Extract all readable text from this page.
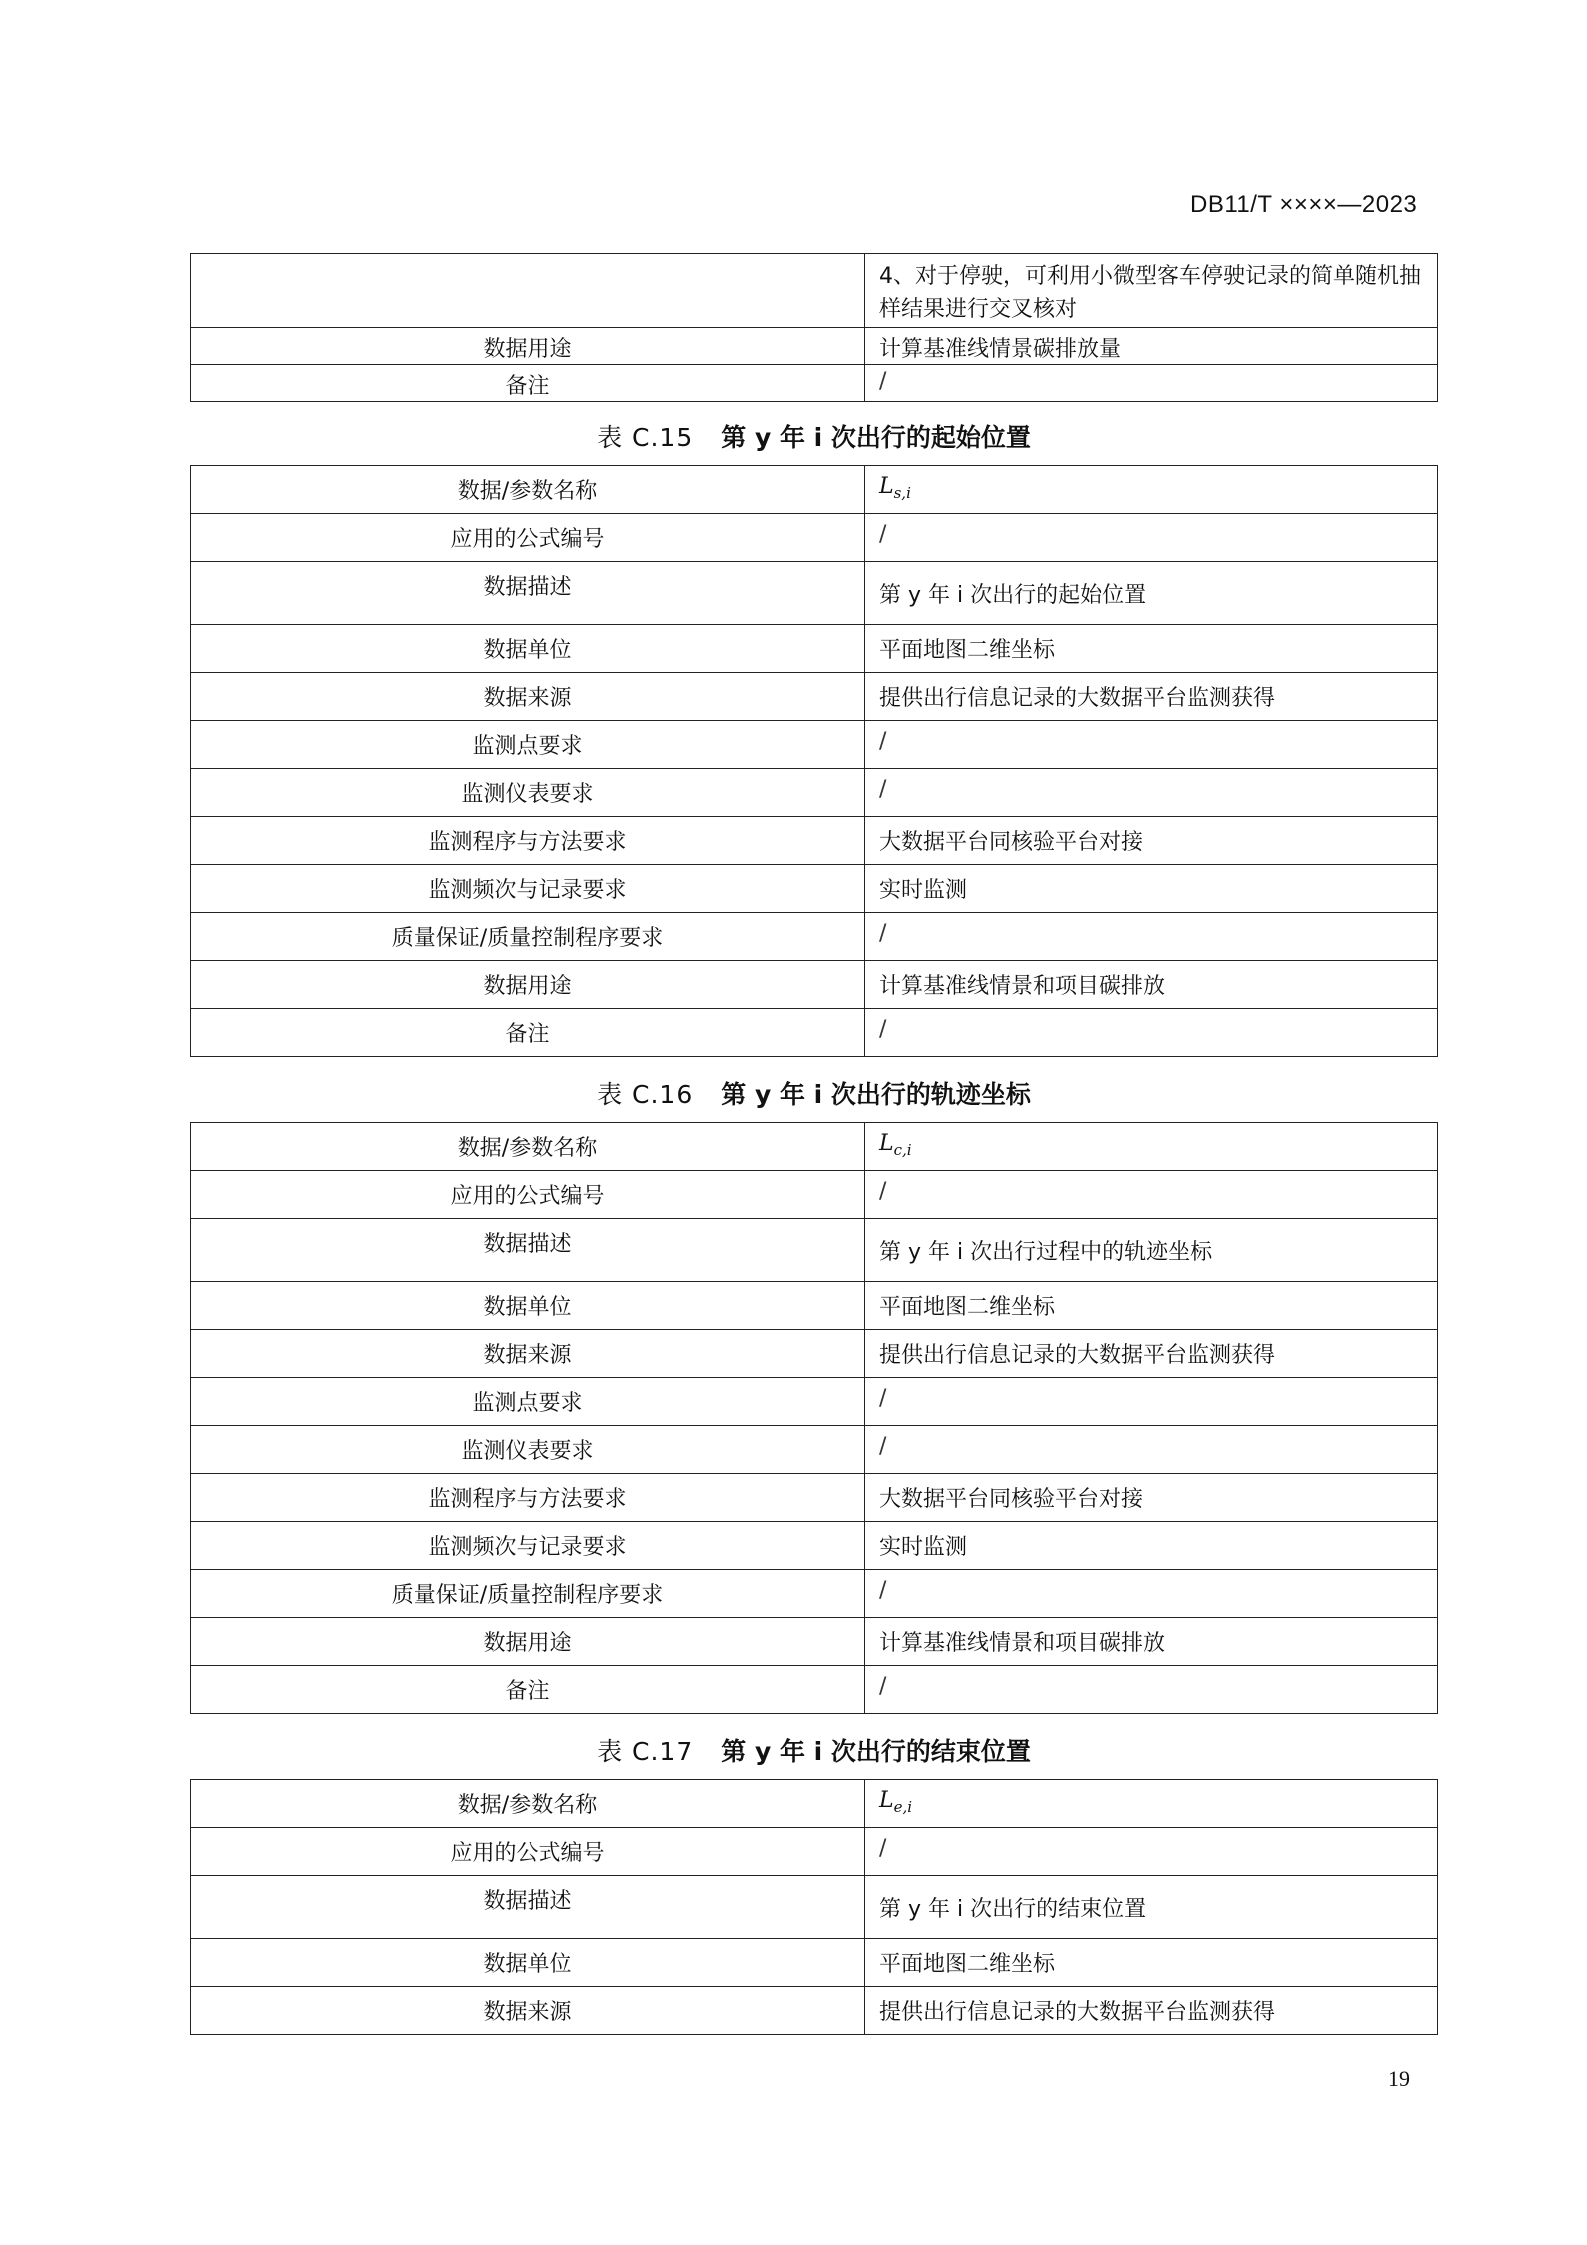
DB11/T ××××—2023
	4、对于停驶，可利用小微型客车停驶记录的简单随机抽样结果进行交叉核对
数据用途	计算基准线情景碳排放量
备注	/
表 C.15 第 y 年 i 次出行的起始位置
数据/参数名称	$L_{s,i}$
应用的公式编号	/
数据描述	第 y 年 i 次出行的起始位置
数据单位	平面地图二维坐标
数据来源	提供出行信息记录的大数据平台监测获得
监测点要求	/
监测仪表要求	/
监测程序与方法要求	大数据平台同核验平台对接
监测频次与记录要求	实时监测
质量保证/质量控制程序要求	/
数据用途	计算基准线情景和项目碳排放
备注	/
表 C.16 第 y 年 i 次出行的轨迹坐标
数据/参数名称	$L_{c,i}$
应用的公式编号	/
数据描述	第 y 年 i 次出行过程中的轨迹坐标
数据单位	平面地图二维坐标
数据来源	提供出行信息记录的大数据平台监测获得
监测点要求	/
监测仪表要求	/
监测程序与方法要求	大数据平台同核验平台对接
监测频次与记录要求	实时监测
质量保证/质量控制程序要求	/
数据用途	计算基准线情景和项目碳排放
备注	/
表 C.17 第 y 年 i 次出行的结束位置
数据/参数名称	$L_{e,i}$
应用的公式编号	/
数据描述	第 y 年 i 次出行的结束位置
数据单位	平面地图二维坐标
数据来源	提供出行信息记录的大数据平台监测获得
19
